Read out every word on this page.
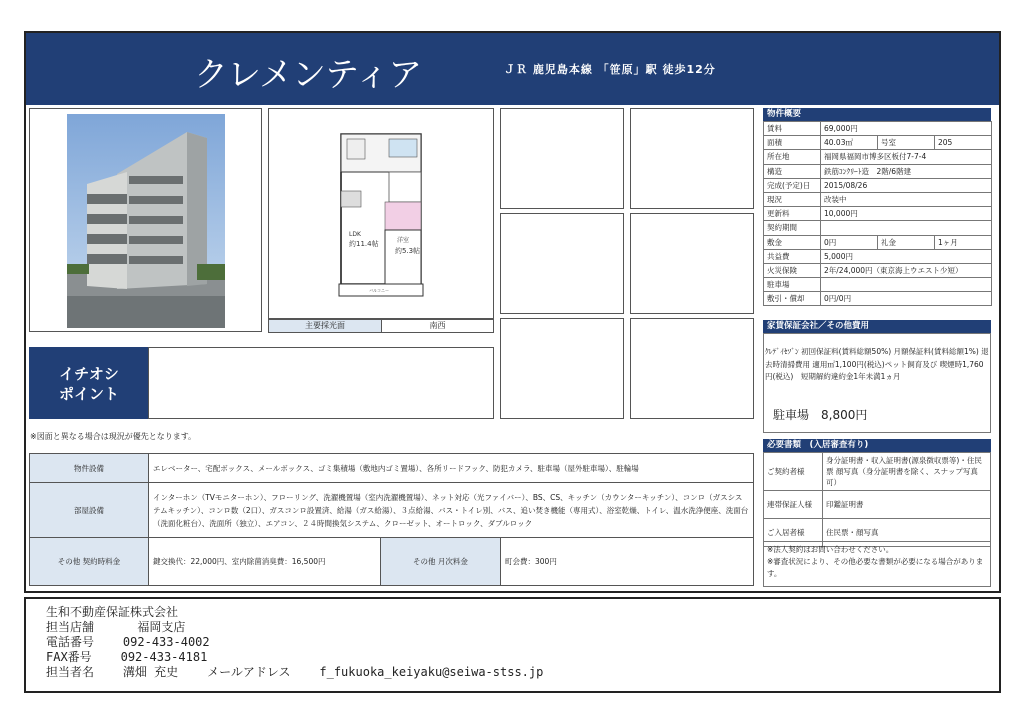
クレメンティア	ＪＲ 鹿児島本線 「笹原」駅 徒歩12分
LDK
約11.4帖	洋室
約5.3帖
バルコニー
主要採光面	南西
イチオシ
ポイント
※図面と異なる場合は現況が優先となります。
物件設備	エレベーター、宅配ボックス、メールボックス、ゴミ集積場（敷地内ゴミ置場）、各所リードフック、防犯カメラ、駐車場（屋外駐車場）、駐輪場		
部屋設備	インターホン（TVモニターホン）、フローリング、洗濯機置場（室内洗濯機置場）、ネット対応（光ファイバー）、BS、CS、キッチン（カウンターキッチン）、コンロ（ガスシステムキッチン）、コンロ数（2口）、ガスコンロ設置済、給湯（ガス給湯）、３点給湯、バス・トイレ別、バス、追い焚き機能（専用式）、浴室乾燥、トイレ、温水洗浄便座、洗面台（洗面化粧台）、洗面所（独立）、エアコン、２４時間換気システム、クローゼット、オートロック、ダブルロック		
その他 契約時料金	鍵交換代：22,000円、室内除菌消臭費：16,500円	その他 月次料金	町会費：300円
物件概要
賃料	69,000円		
面積	40.03㎡	号室	205
所在地	福岡県福岡市博多区板付7-7-4		
構造	鉄筋ｺﾝｸﾘｰﾄ造　2階/6階建		
完成(予定)日	2015/08/26		
現況	改装中		
更新料	10,000円		
契約期間			
敷金	0円	礼金	1ヶ月
共益費	5,000円		
火災保険	2年/24,000円（東京海上ウエスト少短）		
駐車場			
敷引・償却	0円/0円		
家賃保証会社／その他費用
ｸﾚﾃﾞｲｾｿﾞﾝ 初回保証料(賃料総額50%) 月額保証料(賃料総額1%) 退去時清掃費用 適用㎡1,100円(税込)ペット飼育及び 喫煙時1,760円(税込)　短期解約違約金1年未満1ヵ月
駐車場　8,800円
必要書類　(入居審査有り)
ご契約者様	身分証明書・収入証明書(源泉徴収票等)・住民票 顔写真（身分証明書を除く、スナップ写真可）
連帯保証人様	印鑑証明書
ご入居者様	住民票・顔写真
※法人契約はお問い合わせください。
※審査状況により、その他必要な書類が必要になる場合があります。
生和不動産保証株式会社
担当店舗	福岡支店
電話番号 092-433-4002
FAX番号 092-433-4181
担当者名 溝畑 充史 メールアドレス f_fukuoka_keiyaku@seiwa-stss.jp
